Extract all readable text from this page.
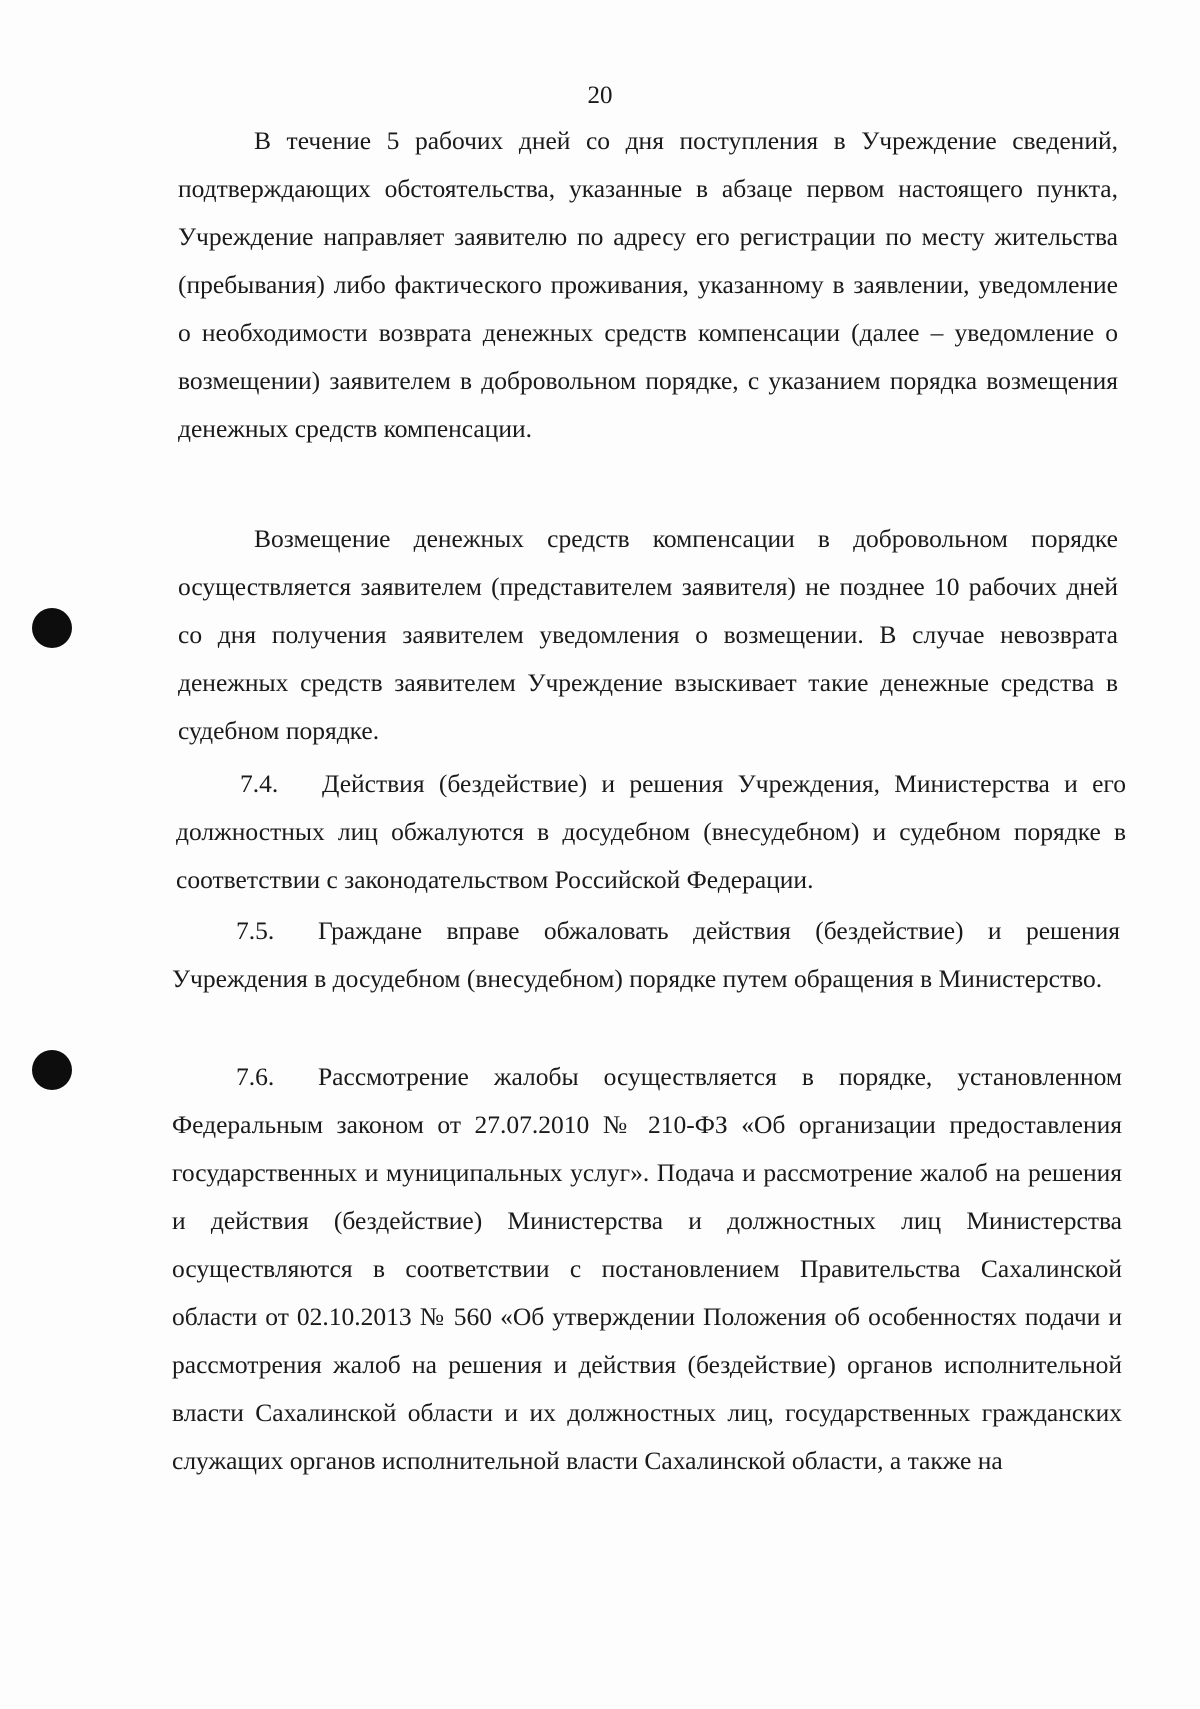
20

В течение 5 рабочих дней со дня поступления в Учреждение сведений, подтверждающих обстоятельства, указанные в абзаце первом настоящего пункта, Учреждение направляет заявителю по адресу его регистрации по месту жительства (пребывания) либо фактического проживания, указанному в заявлении, уведомление о необходимости возврата денежных средств компенсации (далее – уведомление о возмещении) заявителем в добровольном порядке, с указанием порядка возмещения денежных средств компенсации.

Возмещение денежных средств компенсации в добровольном порядке осуществляется заявителем (представителем заявителя) не позднее 10 рабочих дней со дня получения заявителем уведомления о возмещении. В случае невозврата денежных средств заявителем Учреждение взыскивает такие денежные средства в судебном порядке.

7.4. Действия (бездействие) и решения Учреждения, Министерства и его должностных лиц обжалуются в досудебном (внесудебном) и судебном порядке в соответствии с законодательством Российской Федерации.

7.5. Граждане вправе обжаловать действия (бездействие) и решения Учреждения в досудебном (внесудебном) порядке путем обращения в Министерство.

7.6. Рассмотрение жалобы осуществляется в порядке, установленном Федеральным законом от 27.07.2010 № 210-ФЗ «Об организации предоставления государственных и муниципальных услуг». Подача и рассмотрение жалоб на решения и действия (бездействие) Министерства и должностных лиц Министерства осуществляются в соответствии с постановлением Правительства Сахалинской области от 02.10.2013 № 560 «Об утверждении Положения об особенностях подачи и рассмотрения жалоб на решения и действия (бездействие) органов исполнительной власти Сахалинской области и их должностных лиц, государственных гражданских служащих органов исполнительной власти Сахалинской области, а также на
